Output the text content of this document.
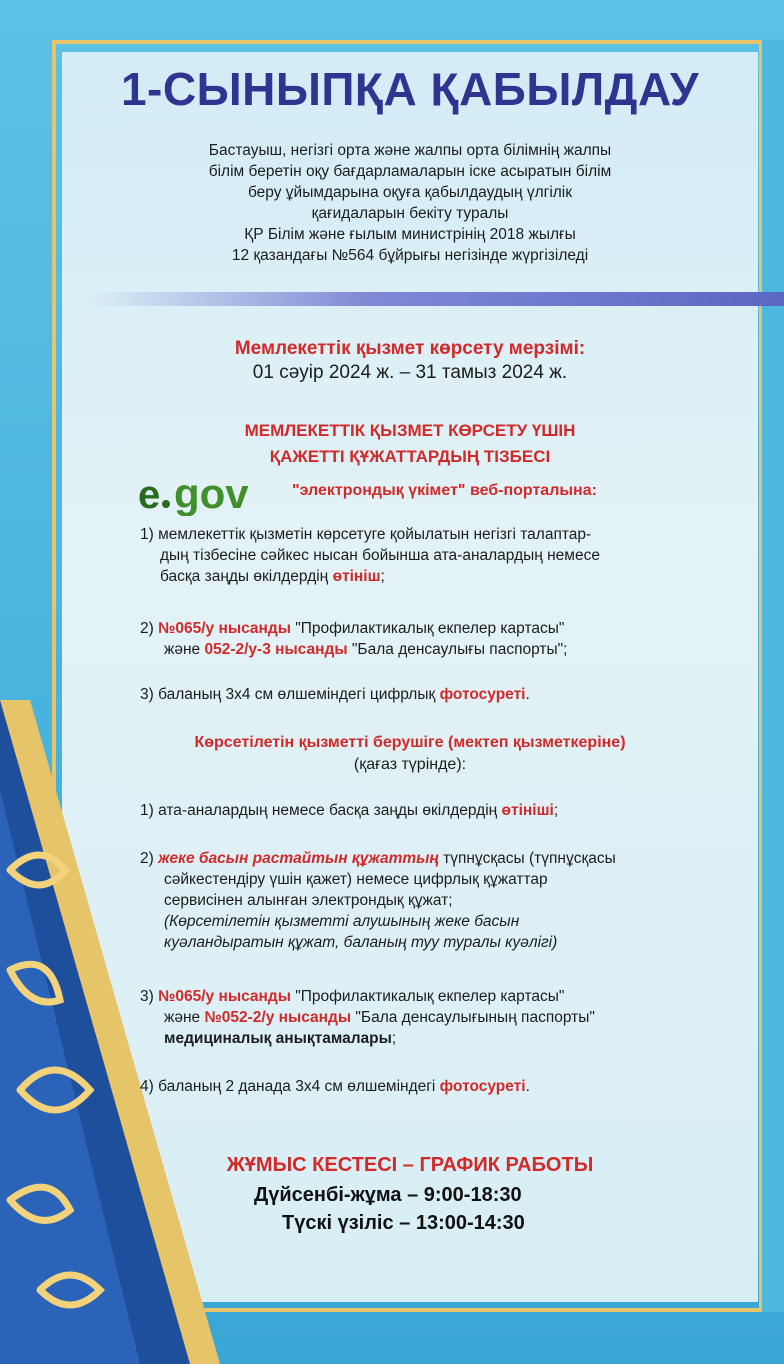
1-СЫНЫПҚА ҚАБЫЛДАУ
Бастауыш, негізгі орта және жалпы орта білімнің жалпы
білім беретін оқу бағдарламаларын іске асыратын білім
беру ұйымдарына оқуға қабылдаудың үлгілік
қағидаларын бекіту туралы
ҚР Білім және ғылым министрінің 2018 жылғы
12 қазандағы №564 бұйрығы негізінде жүргізіледі
Мемлекеттік қызмет көрсету мерзімі:
01 сәуір 2024 ж. – 31 тамыз 2024 ж.
МЕМЛЕКЕТТІК ҚЫЗМЕТ КӨРСЕТУ ҮШІН
ҚАЖЕТТІ ҚҰЖАТТАРДЫҢ ТІЗБЕСІ
e gov	"электрондық үкімет" веб-порталына:
1) мемлекеттік қызметін көрсетуге қойылатын негізгі талаптар-
дың тізбесіне сәйкес нысан бойынша ата-аналардың немесе
басқа заңды өкілдердің өтініш;
2) №065/у нысанды "Профилактикалық екпелер картасы"
және 052-2/у-3 нысанды "Бала денсаулығы паспорты";
3) баланың 3х4 см өлшеміндегі цифрлық фотосуреті.
Көрсетілетін қызметті берушіге (мектеп қызметкеріне)
(қағаз түрінде):
1) ата-аналардың немесе басқа заңды өкілдердің өтініші;
2) жеке басын растайтын құжаттың түпнұсқасы (түпнұсқасы
сәйкестендіру үшін қажет) немесе цифрлық құжаттар
сервисінен алынған электрондық құжат;
(Көрсетілетін қызметті алушының жеке басын
куәландыратын құжат, баланың туу туралы куәлігі)
3) №065/у нысанды "Профилактикалық екпелер картасы"
және №052-2/у нысанды "Бала денсаулығының паспорты"
медициналық анықтамалары;
4) баланың 2 данада 3х4 см өлшеміндегі фотосуреті.
ЖҰМЫС КЕСТЕСІ – ГРАФИК РАБОТЫ
Дүйсенбі-жұма – 9:00-18:30
Түскі үзіліс – 13:00-14:30
